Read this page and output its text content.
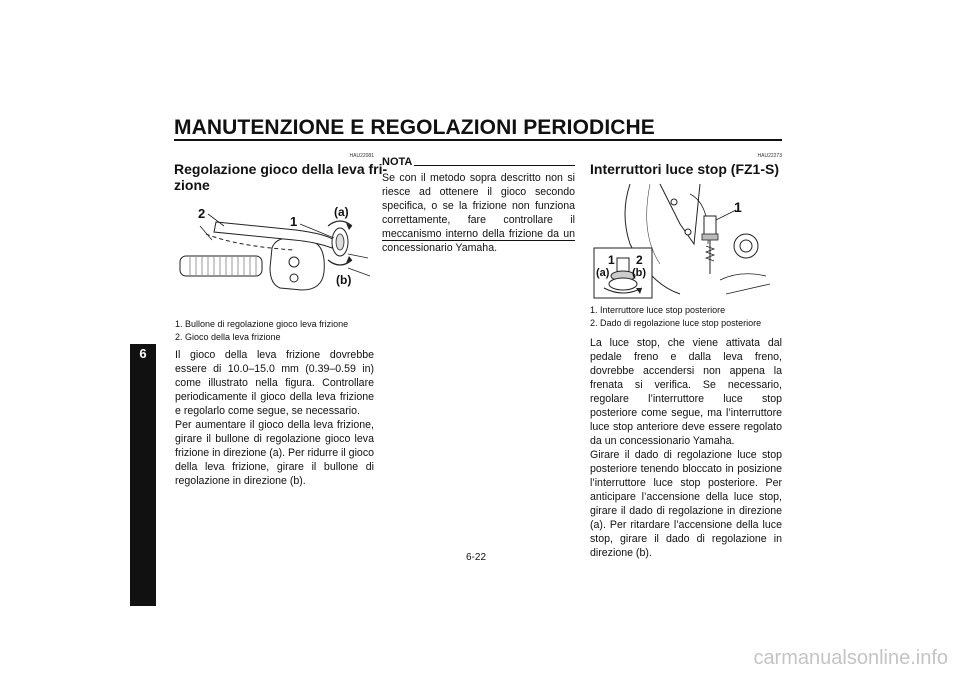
MANUTENZIONE E REGOLAZIONI PERIODICHE
6
HAU22081
Regolazione gioco della leva fri-
zione
2
1
(a)
(b)
1. Bullone di regolazione gioco leva frizione
2. Gioco della leva frizione

Il gioco della leva frizione dovrebbe essere di 10.0–15.0 mm (0.39–0.59 in) come illustrato nella figura. Controllare periodicamente il gioco della leva frizione e regolarlo come segue, se necessario.

Per aumentare il gioco della leva frizione, girare il bullone di regolazione gioco leva frizione in direzione (a). Per ridurre il gioco della leva frizione, girare il bullone di regolazione in direzione (b).

NOTA
Se con il metodo sopra descritto non si riesce ad ottenere il gioco secondo specifica, o se la frizione non funziona correttamente, fare controllare il meccanismo interno della frizione da un concessionario Yamaha.
HAU22273
Interruttori luce stop (FZ1-S)
1
1 2
(a) (b)
1. Interruttore luce stop posteriore
2. Dado di regolazione luce stop posteriore

La luce stop, che viene attivata dal pedale freno e dalla leva freno, dovrebbe accendersi non appena la frenata si verifica. Se necessario, regolare l’interruttore luce stop posteriore come segue, ma l’interruttore luce stop anteriore deve essere regolato da un concessionario Yamaha.

Girare il dado di regolazione luce stop posteriore tenendo bloccato in posizione l’interruttore luce stop posteriore. Per anticipare l’accensione della luce stop, girare il dado di regolazione in direzione (a). Per ritardare l’accensione della luce stop, girare il dado di regolazione in direzione (b).

6-22
carmanualsonline.info
